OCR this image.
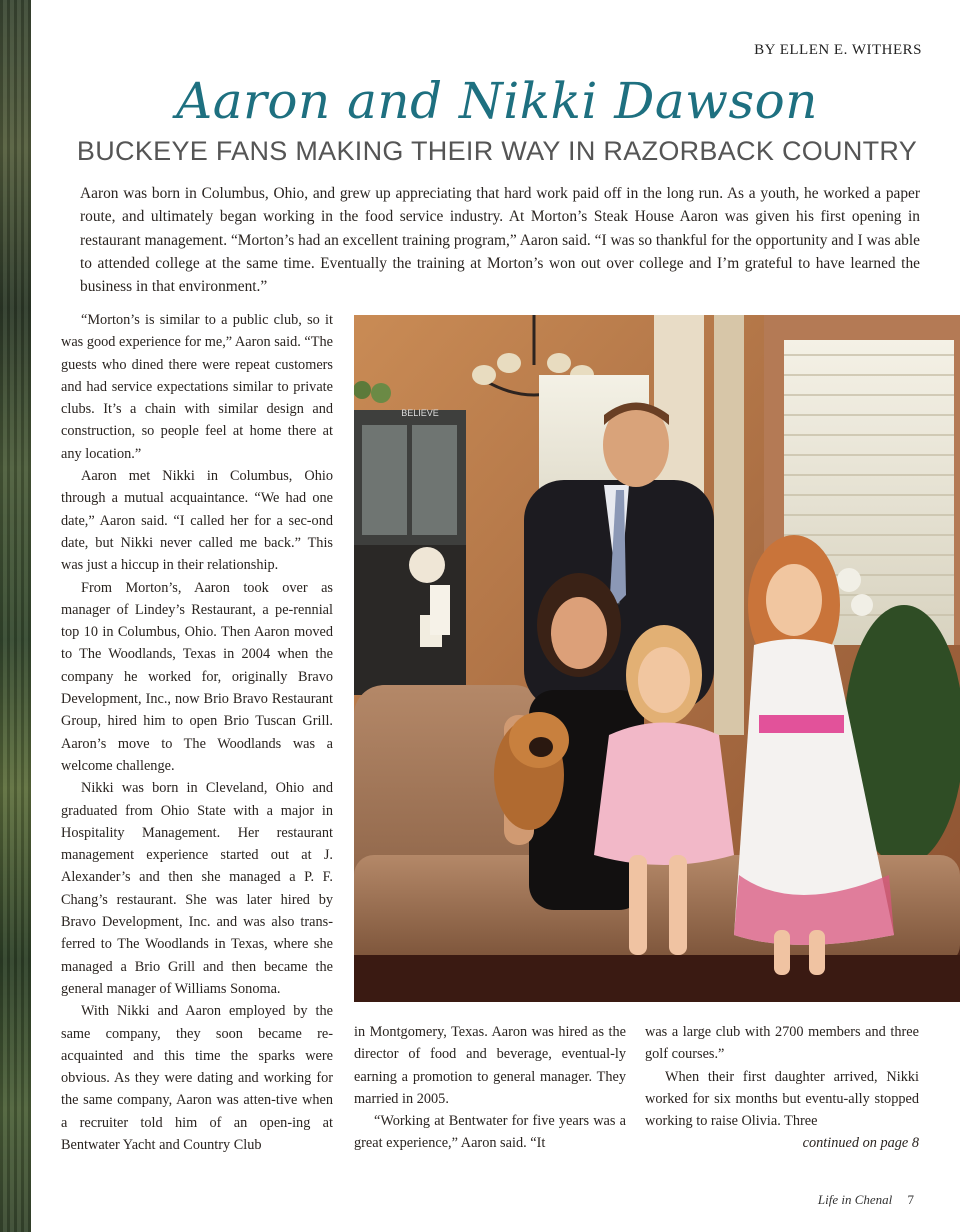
BY ELLEN E. WITHERS
Aaron and Nikki Dawson
BUCKEYE FANS MAKING THEIR WAY IN RAZORBACK COUNTRY
Aaron was born in Columbus, Ohio, and grew up appreciating that hard work paid off in the long run. As a youth, he worked a paper route, and ultimately began working in the food service industry. At Morton’s Steak House Aaron was given his first opening in restaurant management. “Morton’s had an excellent training program,” Aaron said. “I was so thankful for the opportunity and I was able to attended college at the same time. Eventually the training at Morton’s won out over college and I’m grateful to have learned the business in that environment.”

“Morton’s is similar to a public club, so it was good experience for me,” Aaron said. “The guests who dined there were repeat customers and had service expectations similar to private clubs. It’s a chain with similar design and construction, so people feel at home there at any location.”

Aaron met Nikki in Columbus, Ohio through a mutual acquaintance. “We had one date,” Aaron said. “I called her for a sec-ond date, but Nikki never called me back.” This was just a hiccup in their relationship.

From Morton’s, Aaron took over as manager of Lindey’s Restaurant, a pe-rennial top 10 in Columbus, Ohio. Then Aaron moved to The Woodlands, Texas in 2004 when the company he worked for, originally Bravo Development, Inc., now Brio Bravo Restaurant Group, hired him to open Brio Tuscan Grill. Aaron’s move to The Woodlands was a welcome challenge.

Nikki was born in Cleveland, Ohio and graduated from Ohio State with a major in Hospitality Management. Her restaurant management experience started out at J. Alexander’s and then she managed a P. F. Chang’s restaurant. She was later hired by Bravo Development, Inc. and was also trans-ferred to The Woodlands in Texas, where she managed a Brio Grill and then became the general manager of Williams Sonoma.

With Nikki and Aaron employed by the same company, they soon became re-acquainted and this time the sparks were obvious. As they were dating and working for the same company, Aaron was atten-tive when a recruiter told him of an open-ing at Bentwater Yacht and Country Club

BELIEVE

in Montgomery, Texas. Aaron was hired as the director of food and beverage, eventual-ly earning a promotion to general manager. They married in 2005.

“Working at Bentwater for five years was a great experience,” Aaron said. “It

was a large club with 2700 members and three golf courses.”

When their first daughter arrived, Nikki worked for six months but eventu-ally stopped working to raise Olivia. Three

continued on page 8

Life in Chenal 7
